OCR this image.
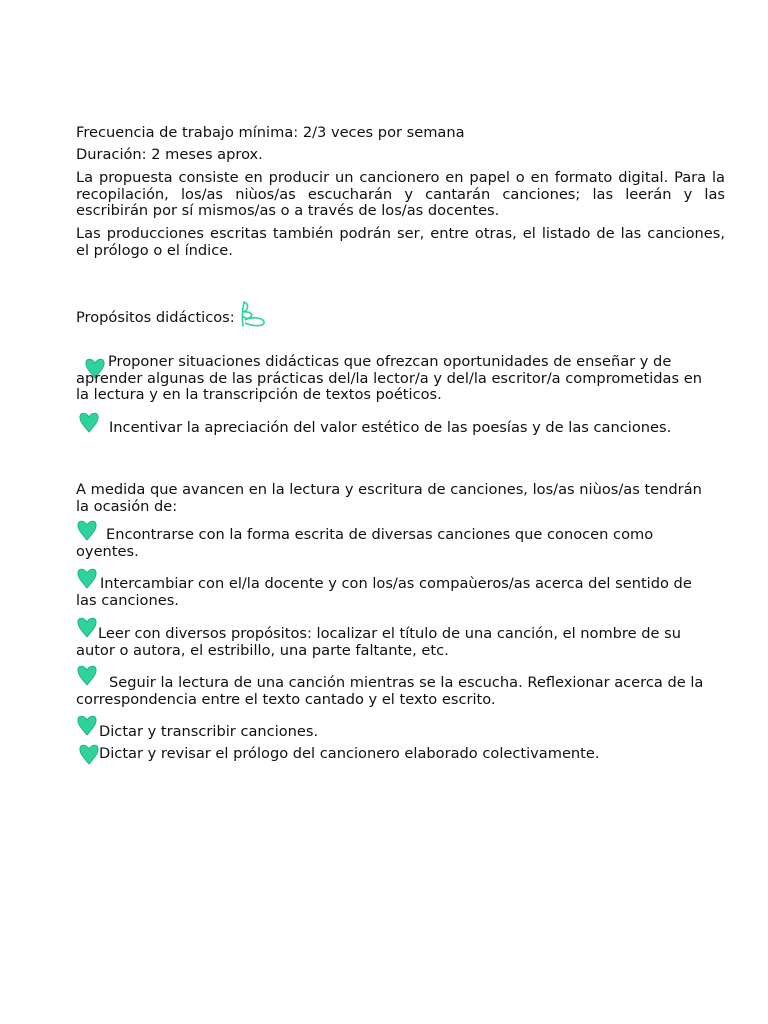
Frecuencia de trabajo mínima: 2/3 veces por semana

Duración: 2 meses aprox.

La propuesta consiste en producir un cancionero en papel o en formato digital. Para la recopilación, los/as niùos/as escucharán y cantarán canciones; las leerán y las escribirán por sí mismos/as o a través de los/as docentes.

Las producciones escritas también podrán ser, entre otras, el listado de las canciones, el prólogo o el índice.

Propósitos didácticos:

Proponer situaciones didácticas que ofrezcan oportunidades de enseñar y de aprender algunas de las prácticas del/la lector/a y del/la escritor/a comprometidas en la lectura y en la transcripción de textos poéticos.

Incentivar la apreciación del valor estético de las poesías y de las canciones.

A medida que avancen en la lectura y escritura de canciones, los/as niùos/as tendrán la ocasión de:

Encontrarse con la forma escrita de diversas canciones que conocen como oyentes.

Intercambiar con el/la docente y con los/as compaùeros/as acerca del sentido de las canciones.

Leer con diversos propósitos: localizar el título de una canción, el nombre de su autor o autora, el estribillo, una parte faltante, etc.

Seguir la lectura de una canción mientras se la escucha. Reflexionar acerca de la correspondencia entre el texto cantado y el texto escrito.

Dictar y transcribir canciones.

Dictar y revisar el prólogo del cancionero elaborado colectivamente.
